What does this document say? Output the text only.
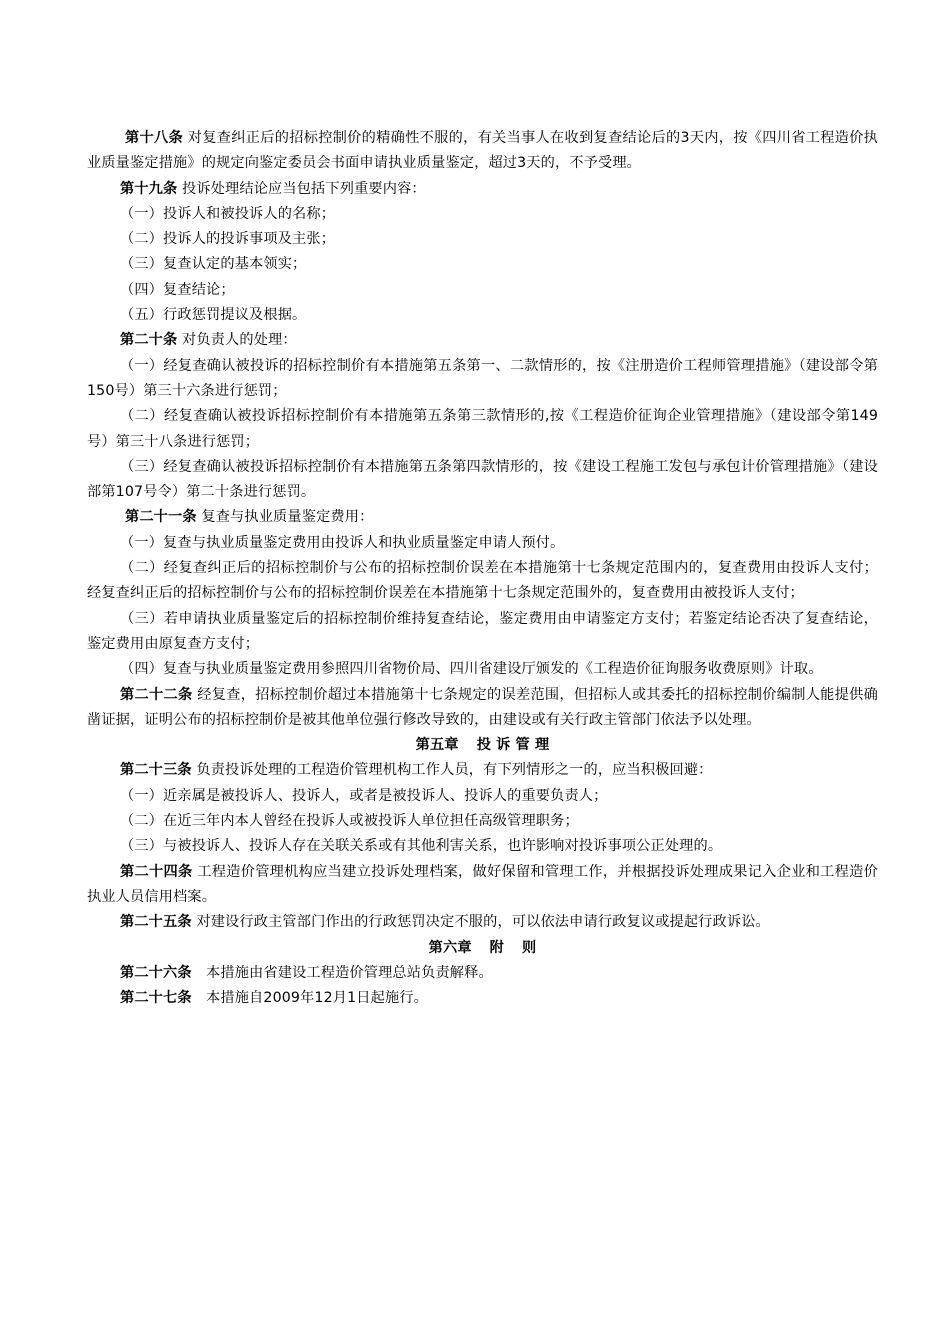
第十八条 对复查纠正后的招标控制价的精确性不服的，有关当事人在收到复查结论后的3天内，按《四川省工程造价执业质量鉴定措施》的规定向鉴定委员会书面申请执业质量鉴定，超过3天的，不予受理。

第十九条 投诉处理结论应当包括下列重要内容：

（一）投诉人和被投诉人的名称；

（二）投诉人的投诉事项及主张；

（三）复查认定的基本领实；

（四）复查结论；

（五）行政惩罚提议及根据。

第二十条 对负责人的处理：

（一）经复查确认被投诉的招标控制价有本措施第五条第一、二款情形的，按《注册造价工程师管理措施》（建设部令第150号）第三十六条进行惩罚；

（二）经复查确认被投诉招标控制价有本措施第五条第三款情形的,按《工程造价征询企业管理措施》（建设部令第149号）第三十八条进行惩罚；

（三）经复查确认被投诉招标控制价有本措施第五条第四款情形的，按《建设工程施工发包与承包计价管理措施》（建设部第107号令）第二十条进行惩罚。

第二十一条 复查与执业质量鉴定费用：

（一）复查与执业质量鉴定费用由投诉人和执业质量鉴定申请人预付。

（二）经复查纠正后的招标控制价与公布的招标控制价误差在本措施第十七条规定范围内的，复查费用由投诉人支付；经复查纠正后的招标控制价与公布的招标控制价误差在本措施第十七条规定范围外的，复查费用由被投诉人支付；

（三）若申请执业质量鉴定后的招标控制价维持复查结论，鉴定费用由申请鉴定方支付；若鉴定结论否决了复查结论，鉴定费用由原复查方支付；

（四）复查与执业质量鉴定费用参照四川省物价局、四川省建设厅颁发的《工程造价征询服务收费原则》计取。

第二十二条 经复查，招标控制价超过本措施第十七条规定的误差范围，但招标人或其委托的招标控制价编制人能提供确凿证据，证明公布的招标控制价是被其他单位强行修改导致的，由建设或有关行政主管部门依法予以处理。

第五章 投 诉 管 理

第二十三条 负责投诉处理的工程造价管理机构工作人员，有下列情形之一的，应当积极回避：

（一）近亲属是被投诉人、投诉人，或者是被投诉人、投诉人的重要负责人；

（二）在近三年内本人曾经在投诉人或被投诉人单位担任高级管理职务；

（三）与被投诉人、投诉人存在关联关系或有其他利害关系，也许影响对投诉事项公正处理的。

第二十四条 工程造价管理机构应当建立投诉处理档案，做好保留和管理工作，并根据投诉处理成果记入企业和工程造价执业人员信用档案。

第二十五条 对建设行政主管部门作出的行政惩罚决定不服的，可以依法申请行政复议或提起行政诉讼。

第六章 附 则

第二十六条　本措施由省建设工程造价管理总站负责解释。

第二十七条　本措施自2009年12月1日起施行。
